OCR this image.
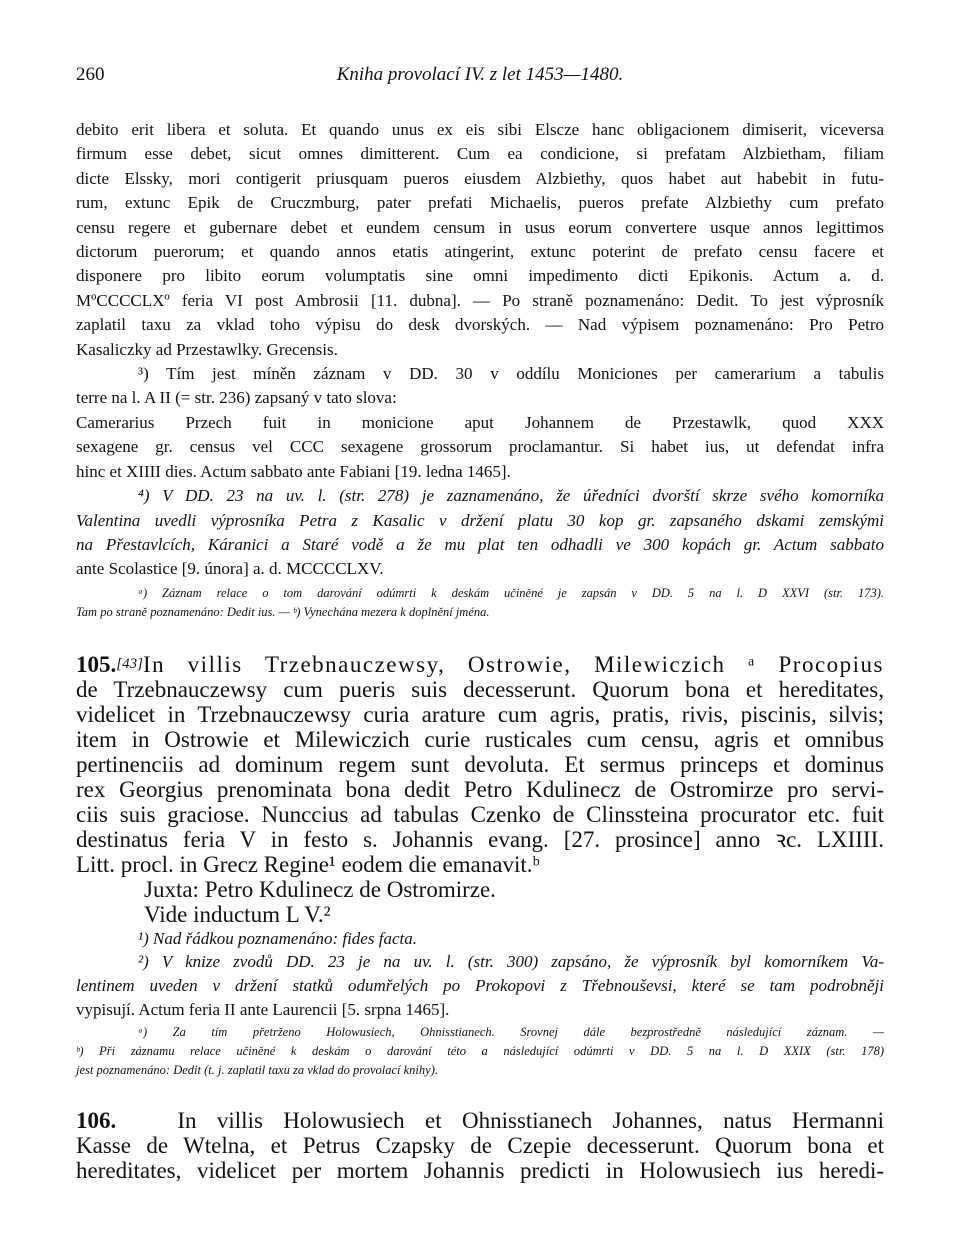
260	Kniha provolací IV. z let 1453—1480.
debito erit libera et soluta. Et quando unus ex eis sibi Elscze hanc obligacionem dimiserit, viceversa
firmum esse debet, sicut omnes dimitterent. Cum ea condicione, si prefatam Alzbietham, filiam
dicte Elssky, mori contigerit priusquam pueros eiusdem Alzbiethy, quos habet aut habebit in futu-
rum, extunc Epik de Cruczmburg, pater prefati Michaelis, pueros prefate Alzbiethy cum prefato
censu regere et gubernare debet et eundem censum in usus eorum convertere usque annos legittimos
dictorum puerorum; et quando annos etatis atingerint, extunc poterint de prefato censu facere et
disponere pro libito eorum volumptatis sine omni impedimento dicti Epikonis. Actum a. d.
MºCCCCLXº feria VI post Ambrosii [11. dubna]. — Po straně poznamenáno: Dedit. To jest výprosník
zaplatil taxu za vklad toho výpisu do desk dvorských. — Nad výpisem poznamenáno: Pro Petro
Kasaliczky ad Przestawlky. Grecensis.
³) Tím jest míněn záznam v DD. 30 v oddílu Moniciones per camerarium a tabulis
terre na l. A II (= str. 236) zapsaný v tato slova:
Camerarius Przech fuit in monicione aput Johannem de Przestawlk, quod XXX
sexagene gr. census vel CCC sexagene grossorum proclamantur. Si habet ius, ut defendat infra
hinc et XIIII dies. Actum sabbato ante Fabiani [19. ledna 1465].
⁴) V DD. 23 na uv. l. (str. 278) je zaznamenáno, že úředníci dvorští skrze svého komorníka
Valentina uvedli výprosníka Petra z Kasalic v držení platu 30 kop gr. zapsaného dskami zemskými
na Přestavlcích, Káranici a Staré vodě a že mu plat ten odhadli ve 300 kopách gr. Actum sabbato
ante Scolastice [9. února] a. d. MCCCCLXV.
ᵃ) Záznam relace o tom darování odúmrti k deskám učiněné je zapsán v DD. 5 na l. D XXVI (str. 173).
Tam po straně poznamenáno: Dedit ius. — ᵇ) Vynechána mezera k doplnění jména.
105.[43]In villis Trzebnauczewsy, Ostrowie, Milewiczich ᵃ Procopius
de Trzebnauczewsy cum pueris suis decesserunt. Quorum bona et hereditates,
videlicet in Trzebnauczewsy curia arature cum agris, pratis, rivis, piscinis, silvis;
item in Ostrowie et Milewiczich curie rusticales cum censu, agris et omnibus
pertinenciis ad dominum regem sunt devoluta. Et sermus princeps et dominus
rex Georgius prenominata bona dedit Petro Kdulinecz de Ostromirze pro servi-
ciis suis graciose. Nunccius ad tabulas Czenko de Clinssteina procurator etc. fuit
destinatus feria V in festo s. Johannis evang. [27. prosince] anno ꝛc. LXIIII.
Litt. procl. in Grecz Regine¹ eodem die emanavit.ᵇ
Juxta: Petro Kdulinecz de Ostromirze.
Vide inductum L V.²
¹) Nad řádkou poznamenáno: fides facta.
²) V knize zvodů DD. 23 je na uv. l. (str. 300) zapsáno, že výprosník byl komorníkem Va-
lentinem uveden v držení statků odumřelých po Prokopovi z Třebnouševsi, které se tam podrobněji
vypisují. Actum feria II ante Laurencii [5. srpna 1465].
ᵃ) Za tím přetrženo Holowusiech, Ohnisstianech. Srovnej dále bezprostředně následující záznam. —
ᵇ) Při záznamu relace učiněné k deskám o darování této a následující odúmrti v DD. 5 na l. D XXIX (str. 178)
jest poznamenáno: Dedit (t. j. zaplatil taxu za vklad do provolací knihy).
106.	In villis Holowusiech et Ohnisstianech Johannes, natus Hermanni
Kasse de Wtelna, et Petrus Czapsky de Czepie decesserunt. Quorum bona et
hereditates, videlicet per mortem Johannis predicti in Holowusiech ius heredi-
